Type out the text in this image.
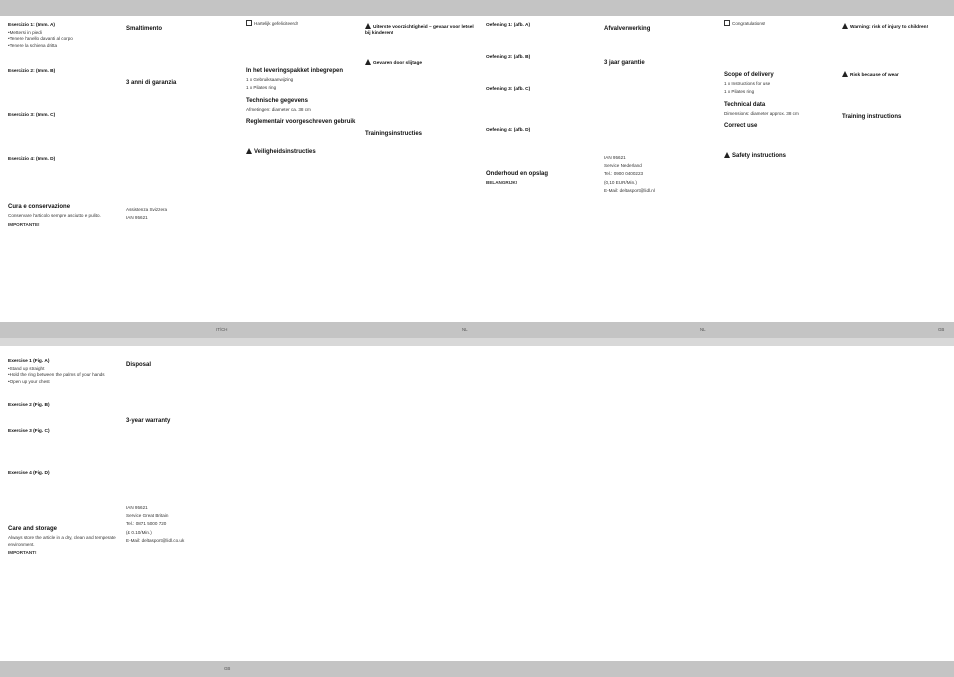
Esercizio 1: (Imm. A)
• Mettersi in piedi
• Tenere l'anello davanti al corpo
• Tenere la schiena dritta
Esercizio 2: (Imm. B)
Esercizio 3: (Imm. C)
Esercizio 4: (Imm. D)
Cura e conservazione

Conservare l'articolo sempre asciutto e pulito.

IMPORTANTE!

Smaltimento
3 anni di garanzia

Assistenza Svizzera

IAN 95621

Hartelijk gefeliciteerd!

In het leveringspakket inbegrepen

1 x Gebruiksaanwijzing

1 x Pilates ring

Technische gegevens

Afmetingen: diameter ca. 38 cm

Reglementair voorgeschreven gebruik
Veiligheidsinstructies
Uiterste voorzichtigheid – gevaar voor letsel bij kinderen!
Gevaren door slijtage
Trainingsinstructies
Oefening 1: (afb. A)
Oefening 2: (afb. B)
Oefening 3: (afb. C)
Oefening 4: (afb. D)
Onderhoud en opslag

BELANGRIJK!

Afvalverwerking
3 jaar garantie

IAN 95621

Service Nederland

Tel.: 0900 0400223

(0,10 EUR/Min.)

E-Mail: deltasport@lidl.nl

Congratulations!

Scope of delivery

1 x Instructions for use

1 x Pilates ring

Technical data

Dimensions: diameter approx. 38 cm

Correct use
Safety instructions
Warning: risk of injury to children!
Risk because of wear
Training instructions
IT/CH	NL	NL	GB
Exercise 1 (Fig. A)
• Stand up straight
• Hold the ring between the palms of your hands
• Open up your chest
Exercise 2 (Fig. B)
Exercise 3 (Fig. C)
Exercise 4 (Fig. D)
Care and storage

Always store the article in a dry, clean and temperate environment.

IMPORTANT!

Disposal
3-year warranty

IAN 95621

Service Great Britain

Tel.: 0871 5000 720

(£ 0.10/Min.)

E-Mail: deltasport@lidl.co.uk

GB
